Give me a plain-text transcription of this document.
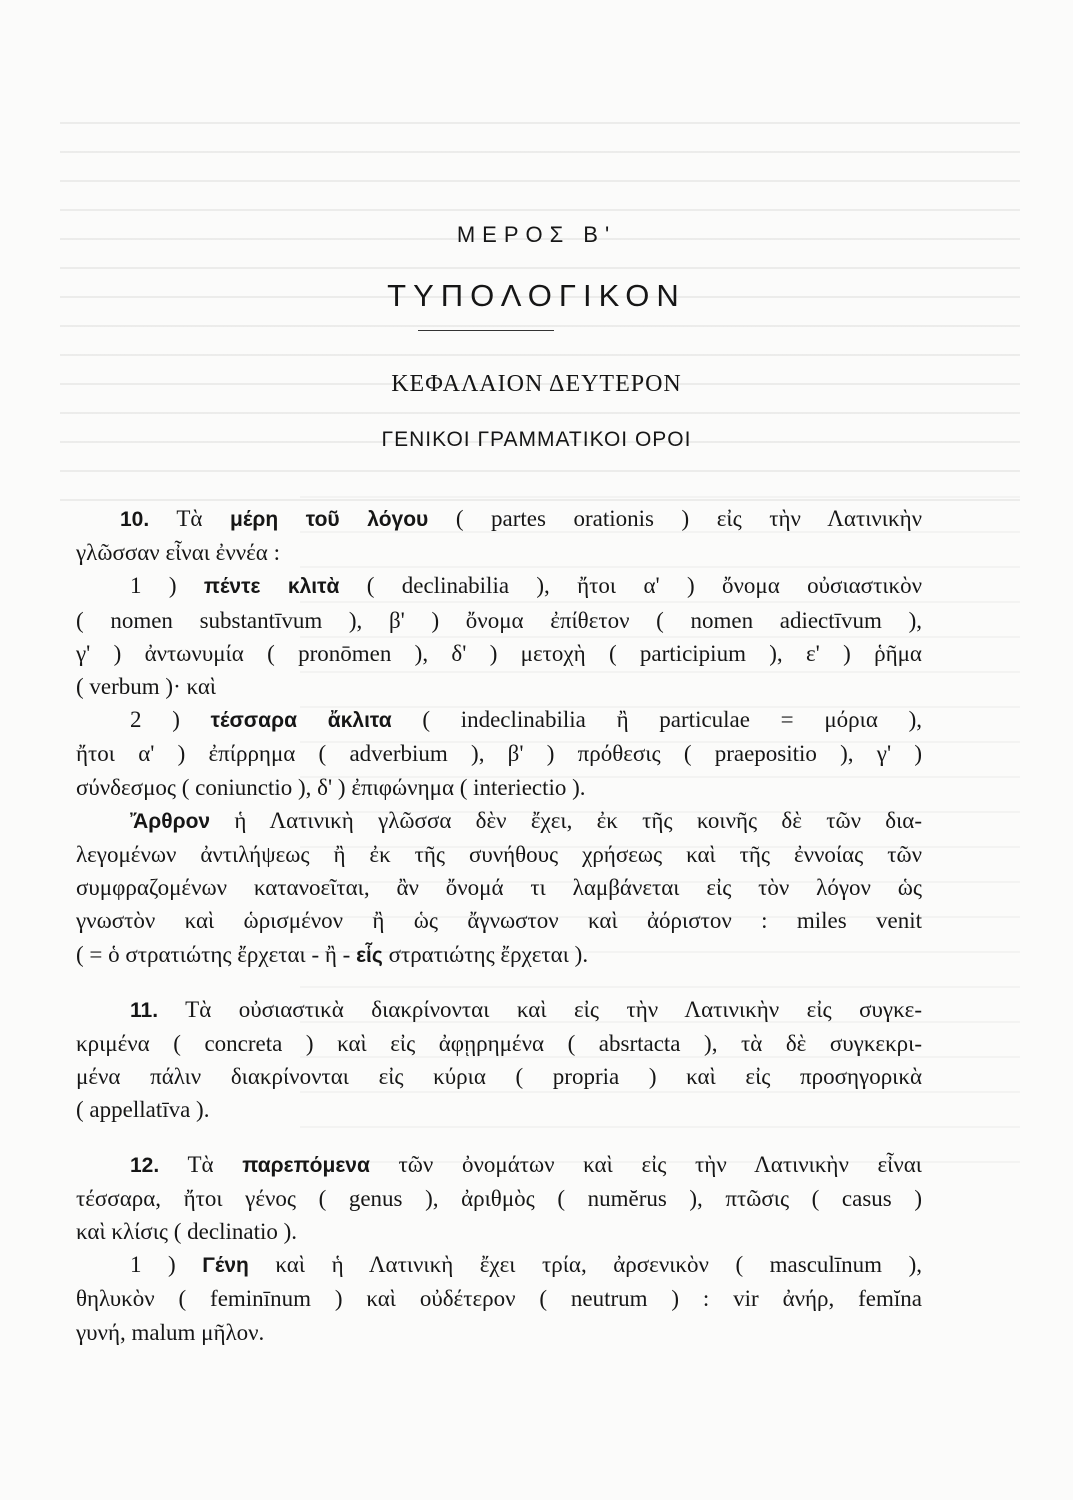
ΜΕΡΟΣ Β'
ΤΥΠΟΛΟΓΙΚΟΝ
ΚΕΦΑΛΑΙΟΝ ΔΕΥΤΕΡΟΝ
ΓΕΝΙΚΟΙ ΓΡΑΜΜΑΤΙΚΟΙ ΟΡΟΙ

10. Τὰ μέρη τοῦ λόγου ( partes orationis ) εἰς τὴν Λατινικὴν

γλῶσσαν εἶναι ἐννέα :

1 ) πέντε κλιτὰ ( declinabilia ), ἤτοι α' ) ὄνομα οὐσιαστικὸν

( nomen substantīvum ), β' ) ὄνομα ἐπίθετον ( nomen adiectīvum ),

γ' ) ἀντωνυμία ( pronōmen ), δ' ) μετοχὴ ( participium ), ε' ) ῥῆμα

( verbum )· καὶ

2 ) τέσσαρα ἄκλιτα ( indeclinabilia ἢ particulae = μόρια ),

ἤτοι α' ) ἐπίρρημα ( adverbium ), β' ) πρόθεσις ( praepositio ), γ' )

σύνδεσμος ( coniunctio ), δ' ) ἐπιφώνημα ( interiectio ).

Ἄρθρον ἡ Λατινικὴ γλῶσσα δὲν ἔχει, ἐκ τῆς κοινῆς δὲ τῶν δια-

λεγομένων ἀντιλήψεως ἢ ἐκ τῆς συνήθους χρήσεως καὶ τῆς ἐννοίας τῶν

συμφραζομένων κατανοεῖται, ἂν ὄνομά τι λαμβάνεται εἰς τὸν λόγον ὡς

γνωστὸν καὶ ὡρισμένον ἢ ὡς ἄγνωστον καὶ ἀόριστον : miles venit

( = ὁ στρατιώτης ἔρχεται - ἢ - εἷς στρατιώτης ἔρχεται ).

11. Τὰ οὐσιαστικὰ διακρίνονται καὶ εἰς τὴν Λατινικὴν εἰς συγκε-

κριμένα ( concreta ) καὶ εἰς ἀφῃρημένα ( absrtacta ), τὰ δὲ συγκεκρι-

μένα πάλιν διακρίνονται εἰς κύρια ( propria ) καὶ εἰς προσηγορικὰ

( appellatīva ).

12. Τὰ παρεπόμενα τῶν ὀνομάτων καὶ εἰς τὴν Λατινικὴν εἶναι

τέσσαρα, ἤτοι γένος ( genus ), ἀριθμὸς ( numĕrus ), πτῶσις ( casus )

καὶ κλίσις ( declinatio ).

1 ) Γένη καὶ ἡ Λατινικὴ ἔχει τρία, ἀρσενικὸν ( masculīnum ),

θηλυκὸν ( feminīnum ) καὶ οὐδέτερον ( neutrum ) : vir ἀνήρ, femĭna

γυνή, malum μῆλον.
